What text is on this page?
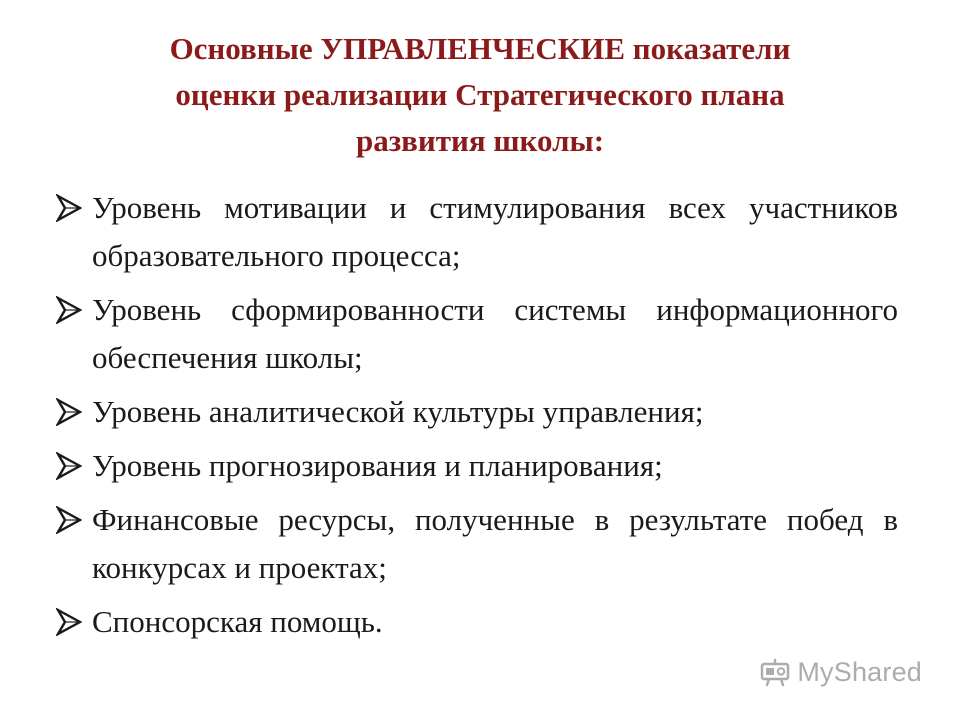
Основные УПРАВЛЕНЧЕСКИЕ показатели
оценки реализации Стратегического плана
развития школы:
Уровень мотивации и стимулирования всех участников образовательного процесса;
Уровень сформированности системы информационного обеспечения школы;
Уровень аналитической культуры управления;
Уровень прогнозирования и планирования;
Финансовые ресурсы, полученные в результате побед в конкурсах и проектах;
Спонсорская помощь.
MyShared
